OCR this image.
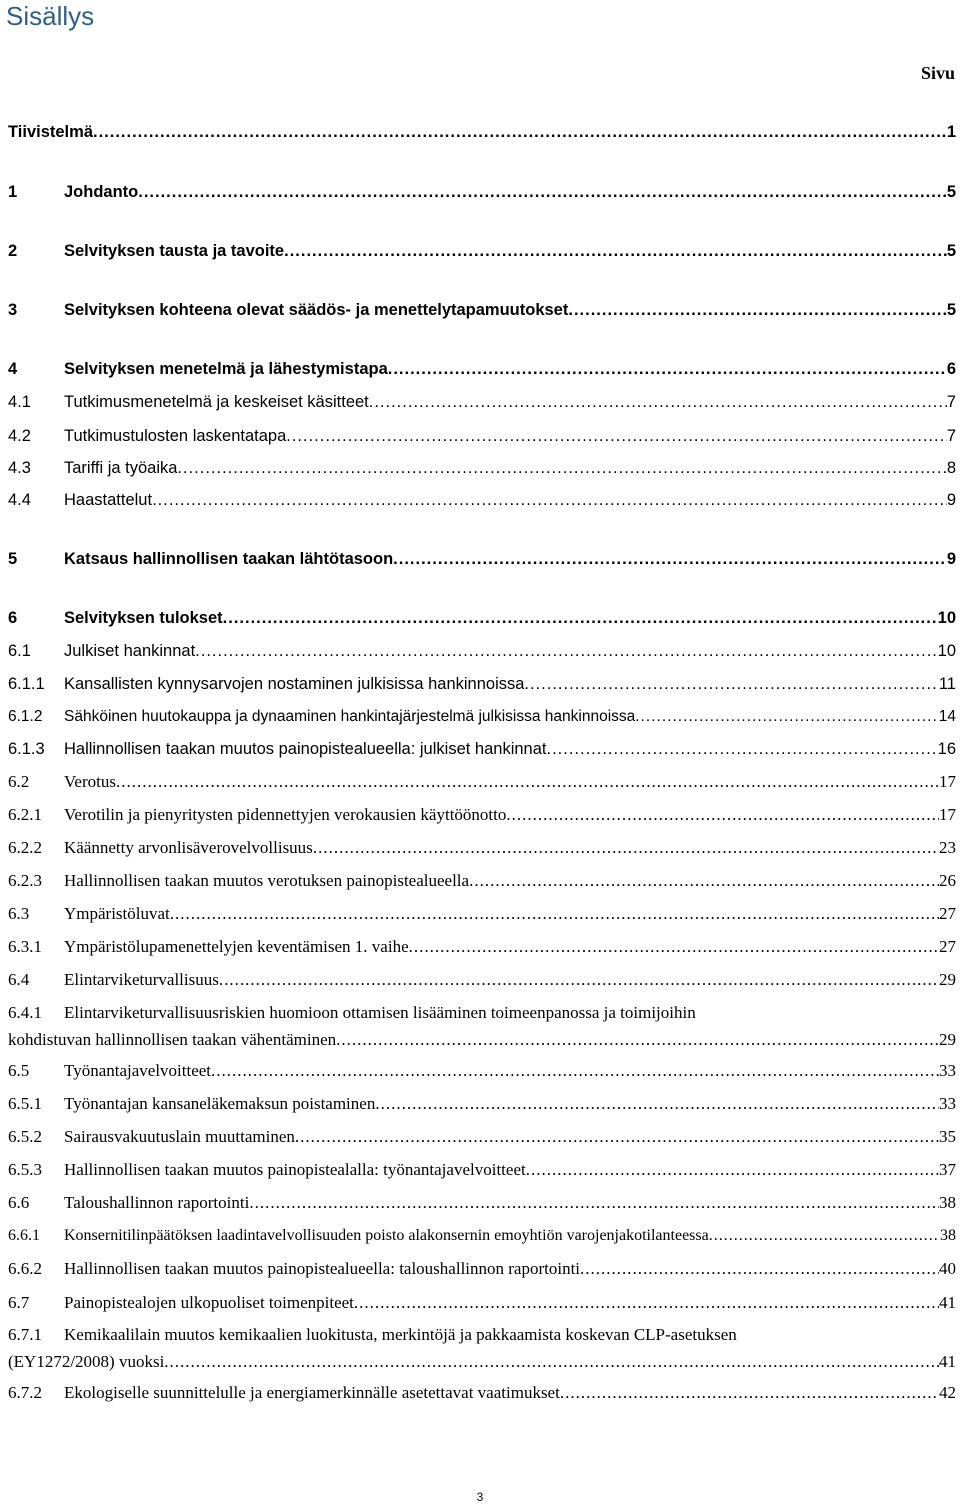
Sisällys
Sivu
Tiivistelmä .....	1
1	Johdanto .....	5
2	Selvityksen tausta ja tavoite .....	5
3	Selvityksen kohteena olevat säädös- ja menettelytapamuutokset .....	5
4	Selvityksen menetelmä ja lähestymistapa .....	6
4.1	Tutkimusmenetelmä ja keskeiset käsitteet .....	7
4.2	Tutkimustulosten laskentatapa .....	7
4.3	Tariffi ja työaika .....	8
4.4	Haastattelut .....	9
5	Katsaus hallinnollisen taakan lähtötasoon .....	9
6	Selvityksen tulokset .....	10
6.1	Julkiset hankinnat .....	10
6.1.1	Kansallisten kynnysarvojen nostaminen julkisissa hankinnoissa .....	11
6.1.2	Sähköinen huutokauppa ja dynaaminen hankintajärjestelmä julkisissa hankinnoissa .....	14
6.1.3	Hallinnollisen taakan muutos painopistealueella: julkiset hankinnat .....	16
6.2	Verotus .....	17
6.2.1	Verotilin ja pienyritysten pidennettyjen verokausien käyttöönotto .....	17
6.2.2	Käännetty arvonlisäverovelvollisuus .....	23
6.2.3	Hallinnollisen taakan muutos verotuksen painopistealueella .....	26
6.3	Ympäristöluvat .....	27
6.3.1	Ympäristölupamenettelyjen keventämisen 1. vaihe .....	27
6.4	Elintarviketurvallisuus .....	29
6.4.1	Elintarviketurvallisuusriskien huomioon ottamisen lisääminen toimeenpanossa ja toimijoihin
kohdistuvan hallinnollisen taakan vähentäminen .....	29
6.5	Työnantajavelvoitteet .....	33
6.5.1	Työnantajan kansaneläkemaksun poistaminen .....	33
6.5.2	Sairausvakuutuslain muuttaminen .....	35
6.5.3	Hallinnollisen taakan muutos painopistealalla: työnantajavelvoitteet .....	37
6.6	Taloushallinnon raportointi .....	38
6.6.1	Konsernitilinpäätöksen laadintavelvollisuuden poisto alakonsernin emoyhtiön varojenjakotilanteessa .....	38
6.6.2	Hallinnollisen taakan muutos painopistealueella: taloushallinnon raportointi .....	40
6.7	Painopistealojen ulkopuoliset toimenpiteet .....	41
6.7.1	Kemikaalilain muutos kemikaalien luokitusta, merkintöjä ja pakkaamista koskevan CLP-asetuksen
(EY1272/2008) vuoksi .....	41
6.7.2	Ekologiselle suunnittelulle ja energiamerkinnälle asetettavat vaatimukset .....	42
3
